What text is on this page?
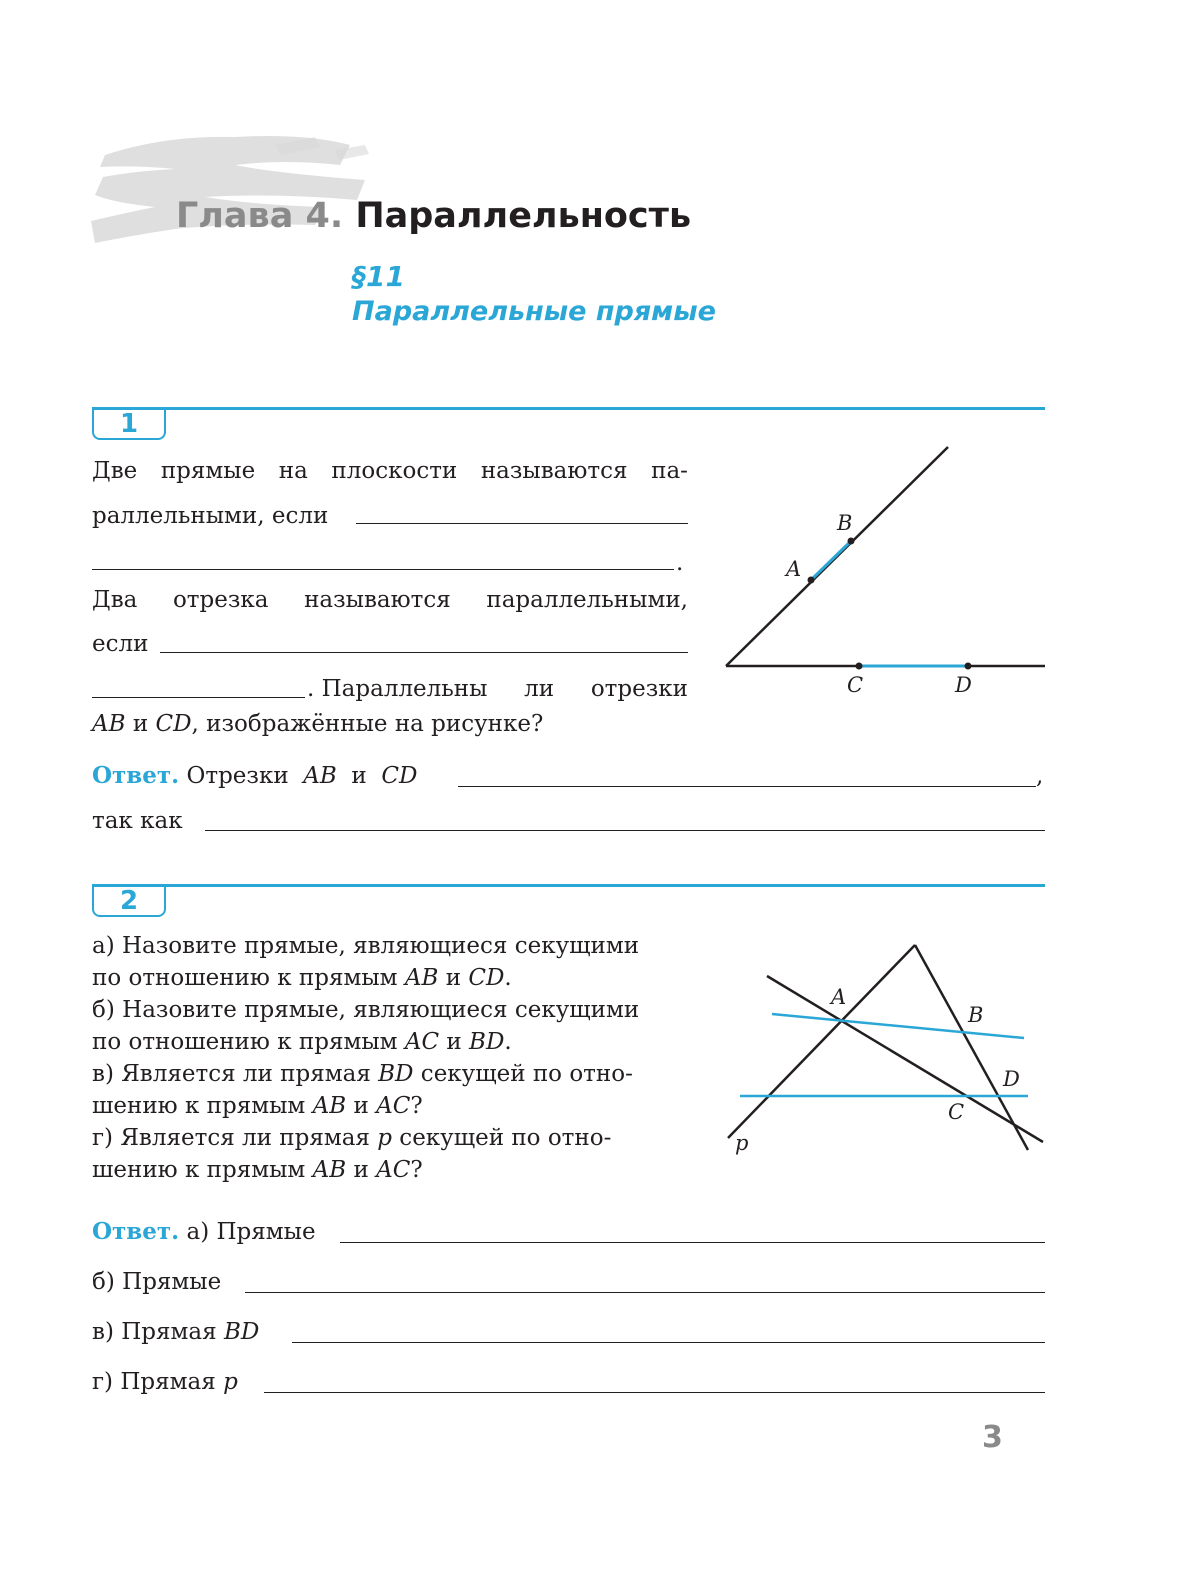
Глава 4. Параллельность
§11
Параллельные прямые
1
Две прямые на плоскости называются па-
раллельными, если
.
Два отрезка называются параллельными,
если
. Параллельны ли отрезки
AB и CD, изображённые на рисунке?
Ответ. Отрезки AB и CD	,
так как
A
B
C	D
2
а) Назовите прямые, являющиеся секущими
по отношению к прямым AB и CD.
б) Назовите прямые, являющиеся секущими
по отношению к прямым AC и BD.
в) Является ли прямая BD секущей по отно-
шению к прямым AB и AC?
г) Является ли прямая p секущей по отно-
шению к прямым AB и AC?
A
B
C
D
p
Ответ. а) Прямые
б) Прямые
в) Прямая BD
г) Прямая p
3
